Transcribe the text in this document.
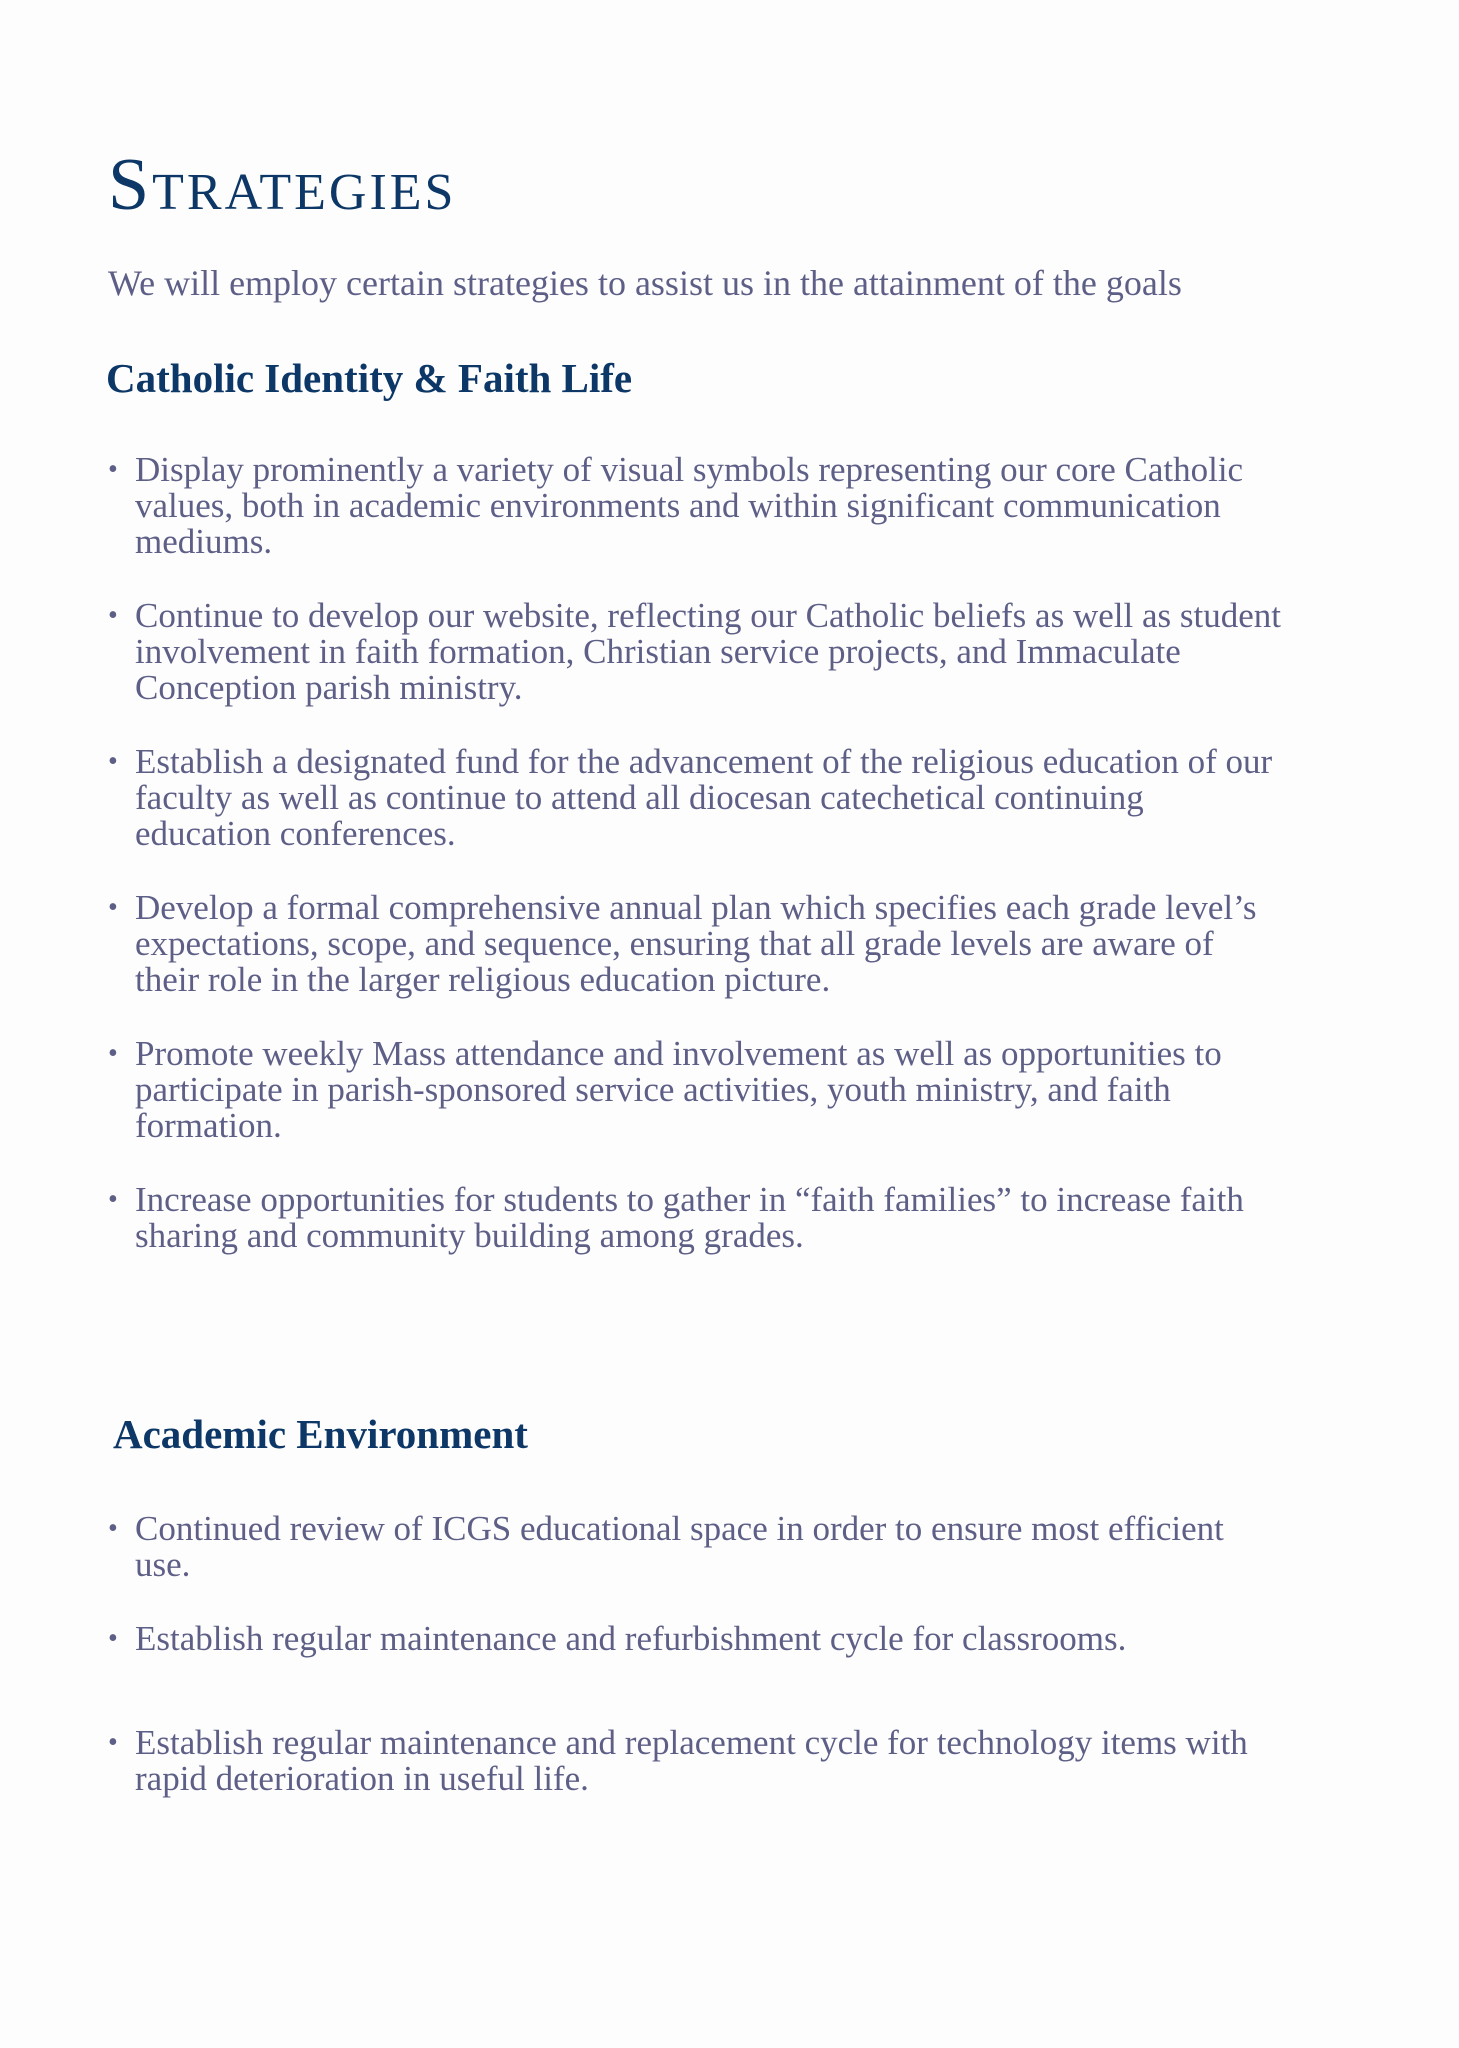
Strategies

We will employ certain strategies to assist us in the attainment of the goals

Catholic Identity & Faith Life
• Display prominently a variety of visual symbols representing our core Catholic values, both in academic environments and within significant communication mediums.
• Continue to develop our website, reflecting our Catholic beliefs as well as student involvement in faith formation, Christian service projects, and Immaculate Conception parish ministry.
• Establish a designated fund for the advancement of the religious education of our faculty as well as continue to attend all diocesan catechetical continuing education conferences.
• Develop a formal comprehensive annual plan which specifies each grade level’s expectations, scope, and sequence, ensuring that all grade levels are aware of their role in the larger religious education picture.
• Promote weekly Mass attendance and involvement as well as opportunities to participate in parish-sponsored service activities, youth ministry, and faith formation.
• Increase opportunities for students to gather in “faith families” to increase faith sharing and community building among grades.
Academic Environment
• Continued review of ICGS educational space in order to ensure most efficient use.
• Establish regular maintenance and refurbishment cycle for classrooms.
• Establish regular maintenance and replacement cycle for technology items with rapid deterioration in useful life.
